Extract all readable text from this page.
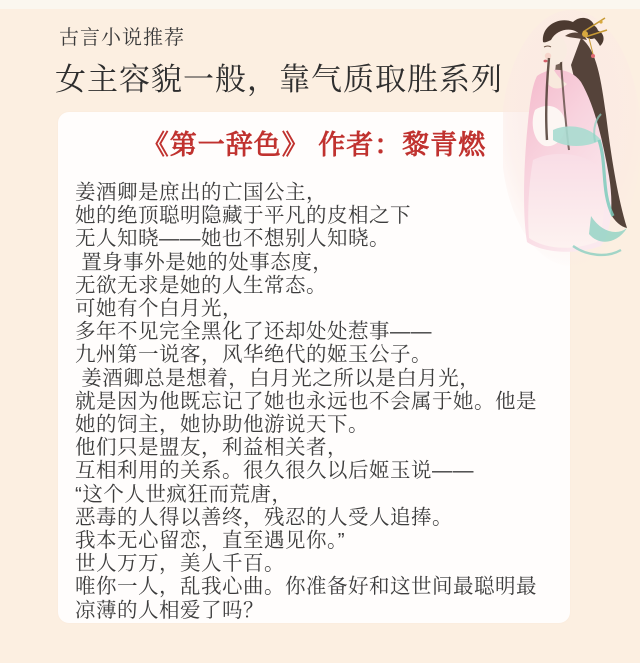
古言小说推荐
女主容貌一般，靠气质取胜系列
《第一辞色》 作者：黎青燃
姜酒卿是庶出的亡国公主，
她的绝顶聪明隐藏于平凡的皮相之下
无人知晓——她也不想别人知晓。
置身事外是她的处事态度，
无欲无求是她的人生常态。
可她有个白月光，
多年不见完全黑化了还却处处惹事——
九州第一说客，风华绝代的姬玉公子。
姜酒卿总是想着，白月光之所以是白月光，
就是因为他既忘记了她也永远也不会属于她。他是
她的饲主，她协助他游说天下。
他们只是盟友，利益相关者，
互相利用的关系。很久很久以后姬玉说——
“这个人世疯狂而荒唐，
恶毒的人得以善终，残忍的人受人追捧。
我本无心留恋，直至遇见你。”
世人万万，美人千百。
唯你一人，乱我心曲。你准备好和这世间最聪明最
凉薄的人相爱了吗？
